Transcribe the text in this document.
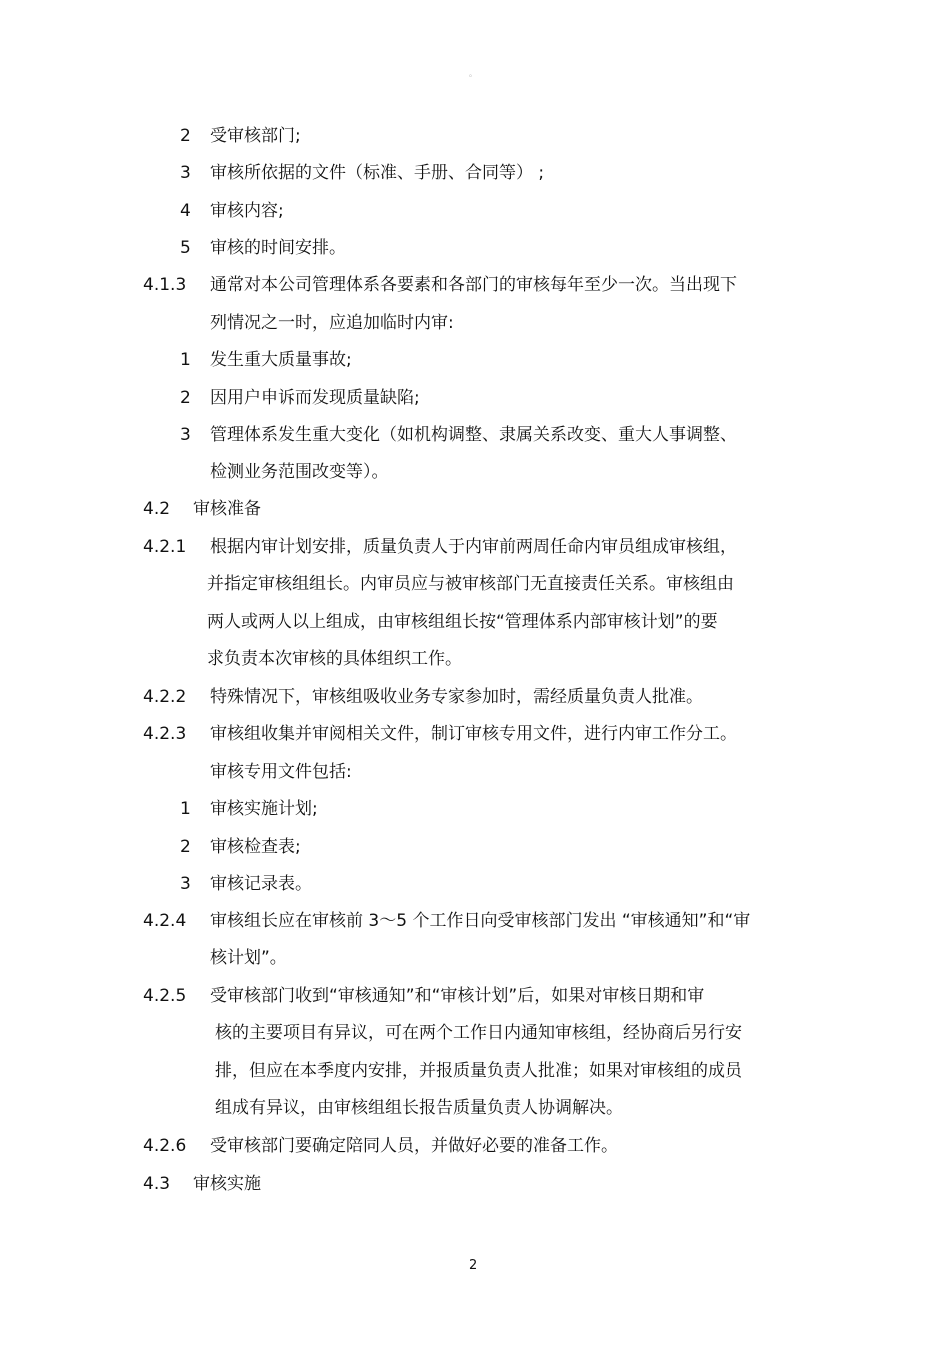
。
2 受审核部门;
3 审核所依据的文件（标准、手册、合同等） ;
4 审核内容;
5 审核的时间安排。
4.1.3 通常对本公司管理体系各要素和各部门的审核每年至少一次。当出现下
列情况之一时，应追加临时内审:
1 发生重大质量事故;
2 因用户申诉而发现质量缺陷;
3 管理体系发生重大变化（如机构调整、隶属关系改变、重大人事调整、
检测业务范围改变等）。
4.2 审核准备
4.2.1 根据内审计划安排，质量负责人于内审前两周任命内审员组成审核组，
并指定审核组组长。内审员应与被审核部门无直接责任关系。审核组由
两人或两人以上组成，由审核组组长按“管理体系内部审核计划”的要
求负责本次审核的具体组织工作。
4.2.2 特殊情况下，审核组吸收业务专家参加时，需经质量负责人批准。
4.2.3 审核组收集并审阅相关文件，制订审核专用文件，进行内审工作分工。
审核专用文件包括:
1 审核实施计划;
2 审核检查表;
3 审核记录表。
4.2.4 审核组长应在审核前 3～5 个工作日向受审核部门发出 “审核通知”和“审
核计划”。
4.2.5 受审核部门收到“审核通知”和“审核计划”后，如果对审核日期和审
核的主要项目有异议，可在两个工作日内通知审核组，经协商后另行安
排，但应在本季度内安排，并报质量负责人批准；如果对审核组的成员
组成有异议，由审核组组长报告质量负责人协调解决。
4.2.6 受审核部门要确定陪同人员，并做好必要的准备工作。
4.3 审核实施
2
